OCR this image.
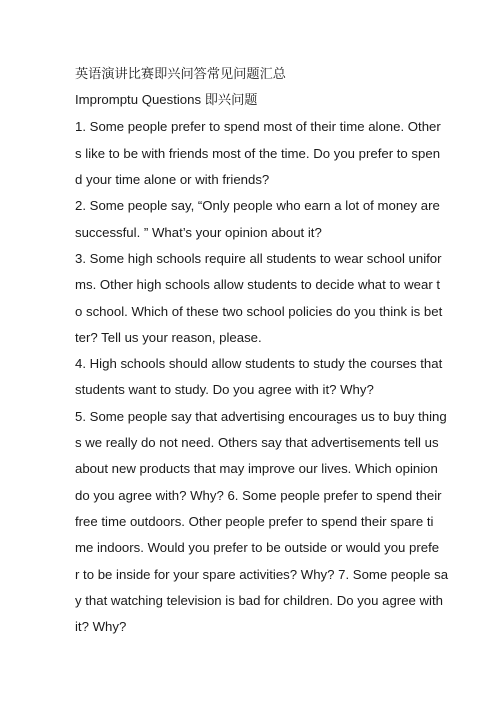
英语演讲比赛即兴问答常见问题汇总
Impromptu Questions 即兴问题
1. Some people prefer to spend most of their time alone. Other
s like to be with friends most of the time. Do you prefer to spen
d your time alone or with friends?
2. Some people say, “Only people who earn a lot of money are
successful. ” What’s your opinion about it?
3. Some high schools require all students to wear school unifor
ms. Other high schools allow students to decide what to wear t
o school. Which of these two school policies do you think is bet
ter? Tell us your reason, please.
4. High schools should allow students to study the courses that
students want to study. Do you agree with it? Why?
5. Some people say that advertising encourages us to buy thing
s we really do not need. Others say that advertisements tell us
about new products that may improve our lives. Which opinion
do you agree with? Why? 6. Some people prefer to spend their
free time outdoors. Other people prefer to spend their spare ti
me indoors. Would you prefer to be outside or would you prefe
r to be inside for your spare activities? Why? 7. Some people sa
y that watching television is bad for children. Do you agree with
it? Why?
